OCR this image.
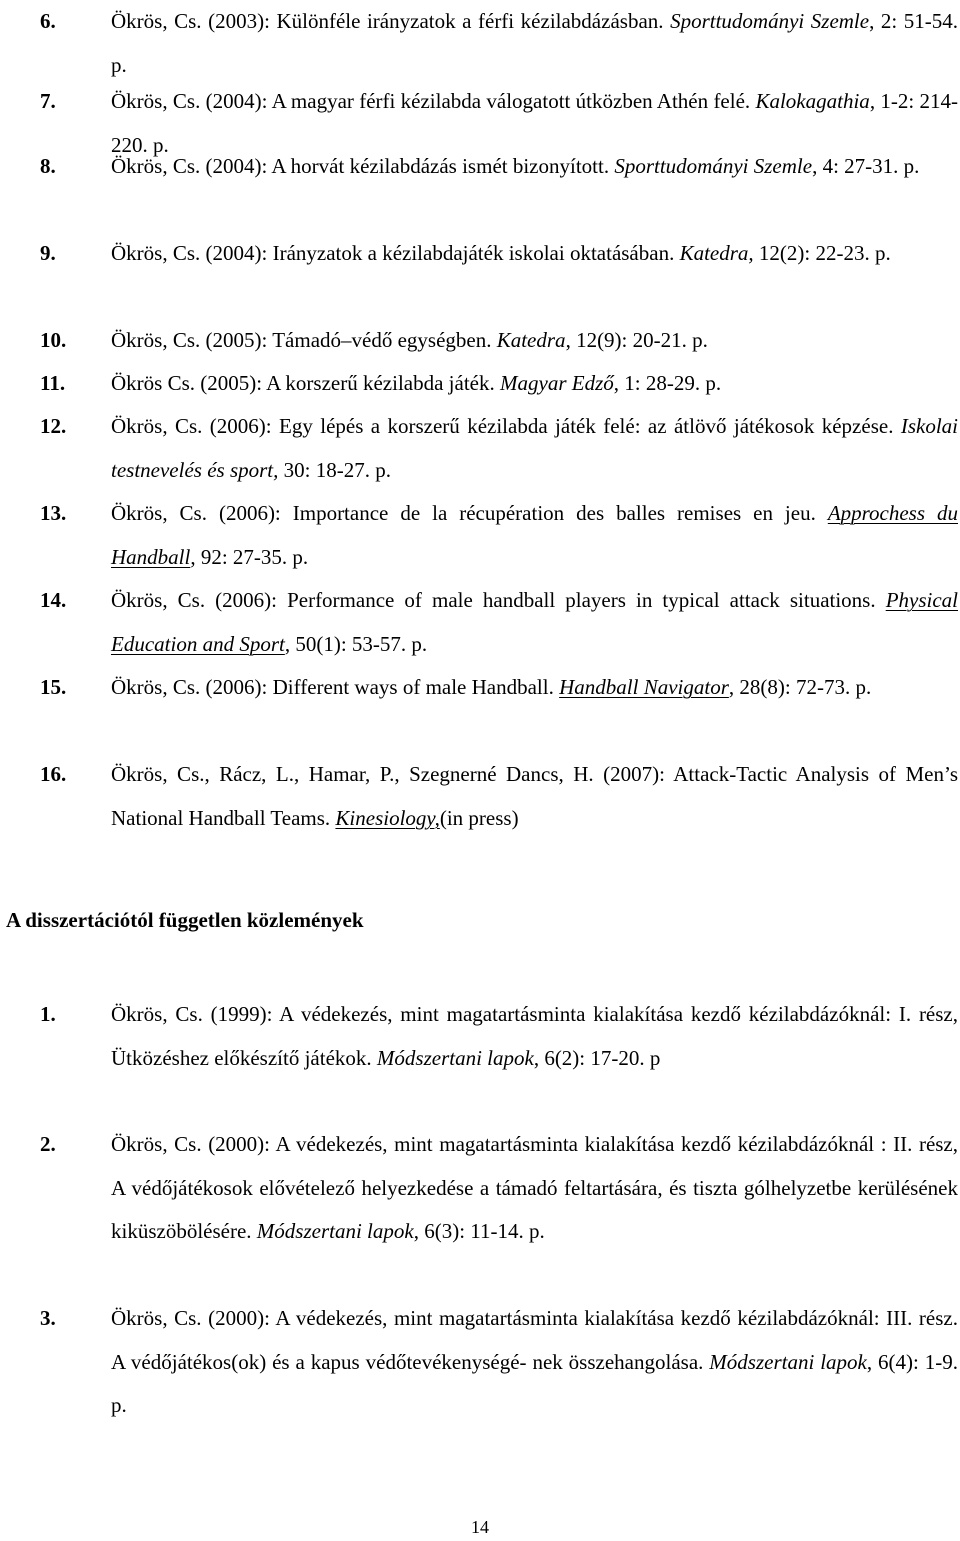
6.	Ökrös, Cs. (2003): Különféle irányzatok a férfi kézilabdázásban. Sporttudományi Szemle, 2: 51-54. p.
7.	Ökrös, Cs. (2004): A magyar férfi kézilabda válogatott útközben Athén felé. Kalokagathia, 1-2: 214-220. p.
8.	Ökrös, Cs. (2004): A horvát kézilabdázás ismét bizonyított. Sporttudományi Szemle, 4: 27-31. p.
9.	Ökrös, Cs. (2004): Irányzatok a kézilabdajáték iskolai oktatásában. Katedra, 12(2): 22-23. p.
10. Ökrös, Cs. (2005): Támadó–védő egységben. Katedra, 12(9): 20-21. p.
11. Ökrös Cs. (2005): A korszerű kézilabda játék. Magyar Edző, 1: 28-29. p.
12. Ökrös, Cs. (2006): Egy lépés a korszerű kézilabda játék felé: az átlövő játékosok képzése. Iskolai testnevelés és sport, 30: 18-27. p.
13. Ökrös, Cs. (2006): Importance de la récupération des balles remises en jeu. Approchess du Handball, 92: 27-35. p.
14. Ökrös, Cs. (2006): Performance of male handball players in typical attack situations. Physical Education and Sport, 50(1): 53-57. p.
15. Ökrös, Cs. (2006): Different ways of male Handball. Handball Navigator, 28(8): 72-73. p.
16. Ökrös, Cs., Rácz, L., Hamar, P., Szegnerné Dancs, H. (2007): Attack-Tactic Analysis of Men’s National Handball Teams. Kinesiology,(in press)
A disszertációtól független közlemények
1.	Ökrös, Cs. (1999): A védekezés, mint magatartásminta kialakítása kezdő kézilabdázóknál: I. rész, Ütközéshez előkészítő játékok. Módszertani lapok, 6(2): 17-20. p
2.	Ökrös, Cs. (2000): A védekezés, mint magatartásminta kialakítása kezdő kézilabdázóknál : II. rész, A védőjátékosok elővételező helyezkedése a támadó feltartására, és tiszta gólhelyzetbe kerülésének kiküszöbölésére. Módszertani lapok, 6(3): 11-14. p.
3.	Ökrös, Cs. (2000): A védekezés, mint magatartásminta kialakítása kezdő kézilabdázóknál: III. rész. A védőjátékos(ok) és a kapus védőtevékenységé- nek összehangolása. Módszertani lapok, 6(4): 1-9. p.
14
